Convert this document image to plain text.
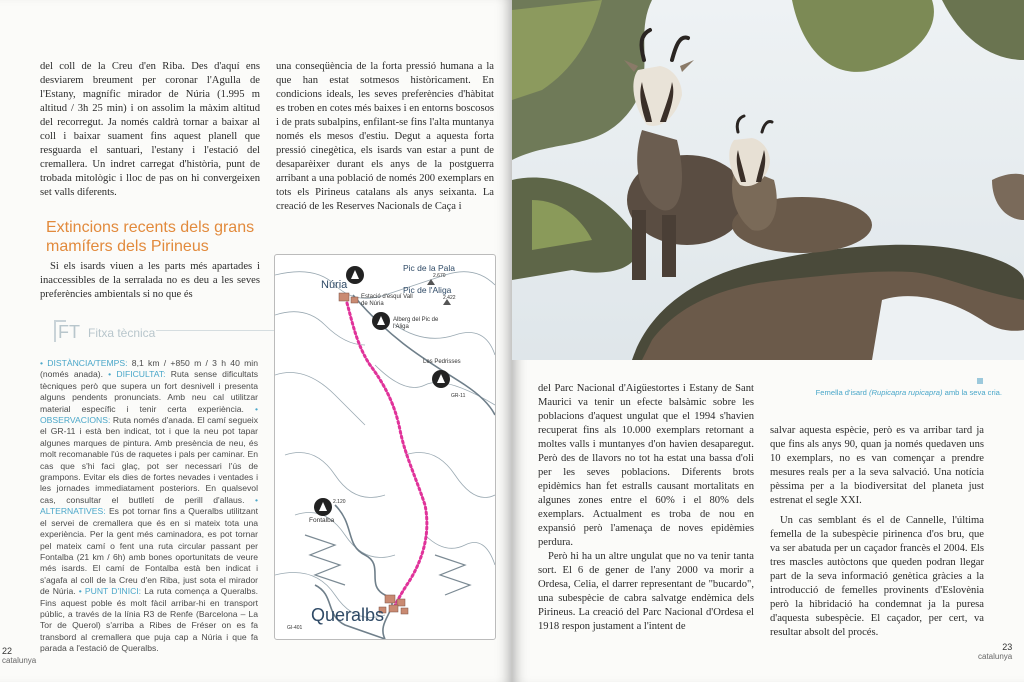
del coll de la Creu d'en Riba. Des d'aquí ens desviarem breument per coronar l'Agulla de l'Estany, magnífic mirador de Núria (1.995 m altitud / 3h 25 min) i on assolim la màxim altitud del recorregut. Ja només caldrà tornar a baixar al coll i baixar suament fins aquest planell que resguarda el santuari, l'estany i l'estació del cremallera. Un indret carregat d'història, punt de trobada mitològic i lloc de pas on hi convergeixen set valls diferents.

Extincions recents dels grans mamífers dels Pirineus

Si els isards viuen a les parts més apartades i inaccessibles de la serralada no es deu a les seves preferències ambientals si no que és

FT Fitxa tècnica

• DISTÀNCIA/TEMPS: 8,1 km / +850 m / 3 h 40 min (només anada). • DIFICULTAT: Ruta sense dificultats tècniques però que supera un fort desnivell i presenta alguns pendents pronunciats. Amb neu cal utilitzar material específic i tenir certa experiència. • OBSERVACIONS: Ruta només d'anada. El camí segueix el GR-11 i està ben indicat, tot i que la neu pot tapar algunes marques de pintura. Amb presència de neu, és molt recomanable l'ús de raquetes i pals per caminar. En cas que s'hi faci glaç, pot ser necessari l'ús de grampons. Evitar els dies de fortes nevades i ventades i les jornades immediatament posteriors. En qualsevol cas, consultar el butlletí de perill d'allaus. • ALTERNATIVES: Es pot tornar fins a Queralbs utilitzant el servei de cremallera que és en si mateix tota una experiència. Per la gent més caminadora, es pot tornar pel mateix camí o fent una ruta circular passant per Fontalba (21 km / 6h) amb bones oportunitats de veure més isards. El camí de Fontalba està ben indicat i s'agafa al coll de la Creu d'en Riba, just sota el mirador de Núria. • PUNT D'INICI: La ruta comença a Queralbs. Fins aquest poble és molt fàcil arribar-hi en transport públic, a través de la línia R3 de Renfe (Barcelona – La Tor de Querol) s'arriba a Ribes de Fréser on es fa transbord al cremallera que puja cap a Núria i que fa parada a l'estació de Queralbs.

una conseqüència de la forta pressió humana a la que han estat sotmesos històricament. En condicions ideals, les seves preferències d'hàbitat es troben en cotes més baixes i en entorns boscosos i de prats subalpins, enfilant-se fins l'alta muntanya només els mesos d'estiu. Degut a aquesta forta pressió cinegètica, els isards van estar a punt de desaparèixer durant els anys de la postguerra arribant a una població de només 200 exemplars en tots els Pirineus catalans als anys seixanta. La creació de les Reserves Nacionals de Caça i

Núria
Estació d'esquí Vall de Núria
Pic de la Pala
2.670
Pic de l'Aliga
2.422
Alberg del Pic de l'Aliga
Les Pedrisses
GR-11
2.120
Fontalba
Queralbs
GI-401
22
catalunya
Femella d'isard (Rupicapra rupicapra) amb la seva cria.

del Parc Nacional d'Aigüestortes i Estany de Sant Maurici va tenir un efecte balsàmic sobre les poblacions d'aquest ungulat que el 1994 s'havien recuperat fins als 10.000 exemplars retornant a moltes valls i muntanyes d'on havien desaparegut. Però des de llavors no tot ha estat una bassa d'oli per les seves poblacions. Diferents brots epidèmics han fet estralls causant mortalitats en algunes zones entre el 60% i el 80% dels exemplars. Actualment es troba de nou en expansió però l'amenaça de noves epidèmies perdura.

Però hi ha un altre ungulat que no va tenir tanta sort. El 6 de gener de l'any 2000 va morir a Ordesa, Celia, el darrer representant de "bucardo", una subespècie de cabra salvatge endèmica dels Pirineus. La creació del Parc Nacional d'Ordesa el 1918 respon justament a l'intent de

salvar aquesta espècie, però es va arribar tard ja que fins als anys 90, quan ja només quedaven uns 10 exemplars, no es van començar a prendre mesures reals per a la seva salvació. Una notícia pèssima per a la biodiversitat del planeta just estrenat el segle XXI.

Un cas semblant és el de Cannelle, l'última femella de la subespècie pirinenca d'os bru, que va ser abatuda per un caçador francès el 2004. Els tres mascles autòctons que queden podran llegar part de la seva informació genètica gràcies a la introducció de femelles provinents d'Eslovènia però la hibridació ha condemnat ja la puresa d'aquesta subespècie. El caçador, per cert, va resultar absolt del procés.

23
catalunya
